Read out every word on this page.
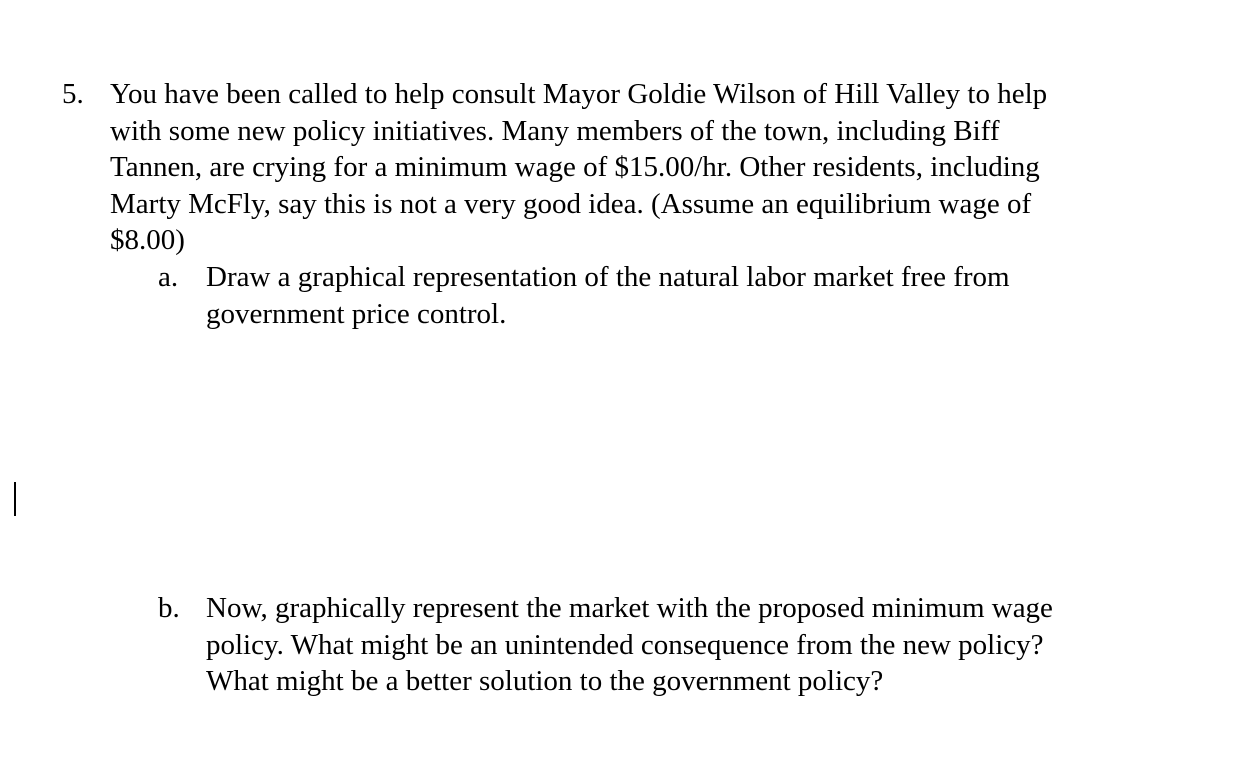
5. You have been called to help consult Mayor Goldie Wilson of Hill Valley to help
with some new policy initiatives. Many members of the town, including Biff
Tannen, are crying for a minimum wage of $15.00/hr. Other residents, including
Marty McFly, say this is not a very good idea. (Assume an equilibrium wage of
$8.00)
a. Draw a graphical representation of the natural labor market free from
government price control.
b. Now, graphically represent the market with the proposed minimum wage
policy. What might be an unintended consequence from the new policy?
What might be a better solution to the government policy?
